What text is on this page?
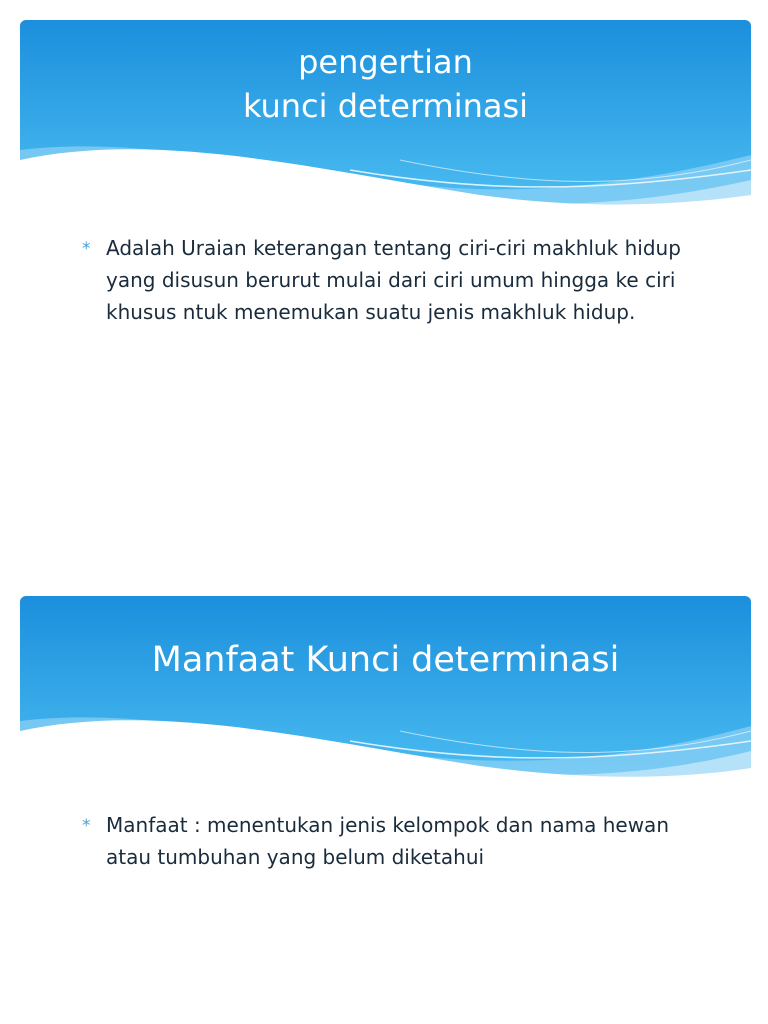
pengertian
kunci determinasi
* Adalah Uraian keterangan tentang ciri-ciri makhluk hidup yang disusun berurut mulai dari ciri umum hingga ke ciri khusus ntuk menemukan suatu jenis makhluk hidup.

Manfaat Kunci determinasi
* Manfaat : menentukan jenis kelompok dan nama hewan atau tumbuhan yang belum diketahui
